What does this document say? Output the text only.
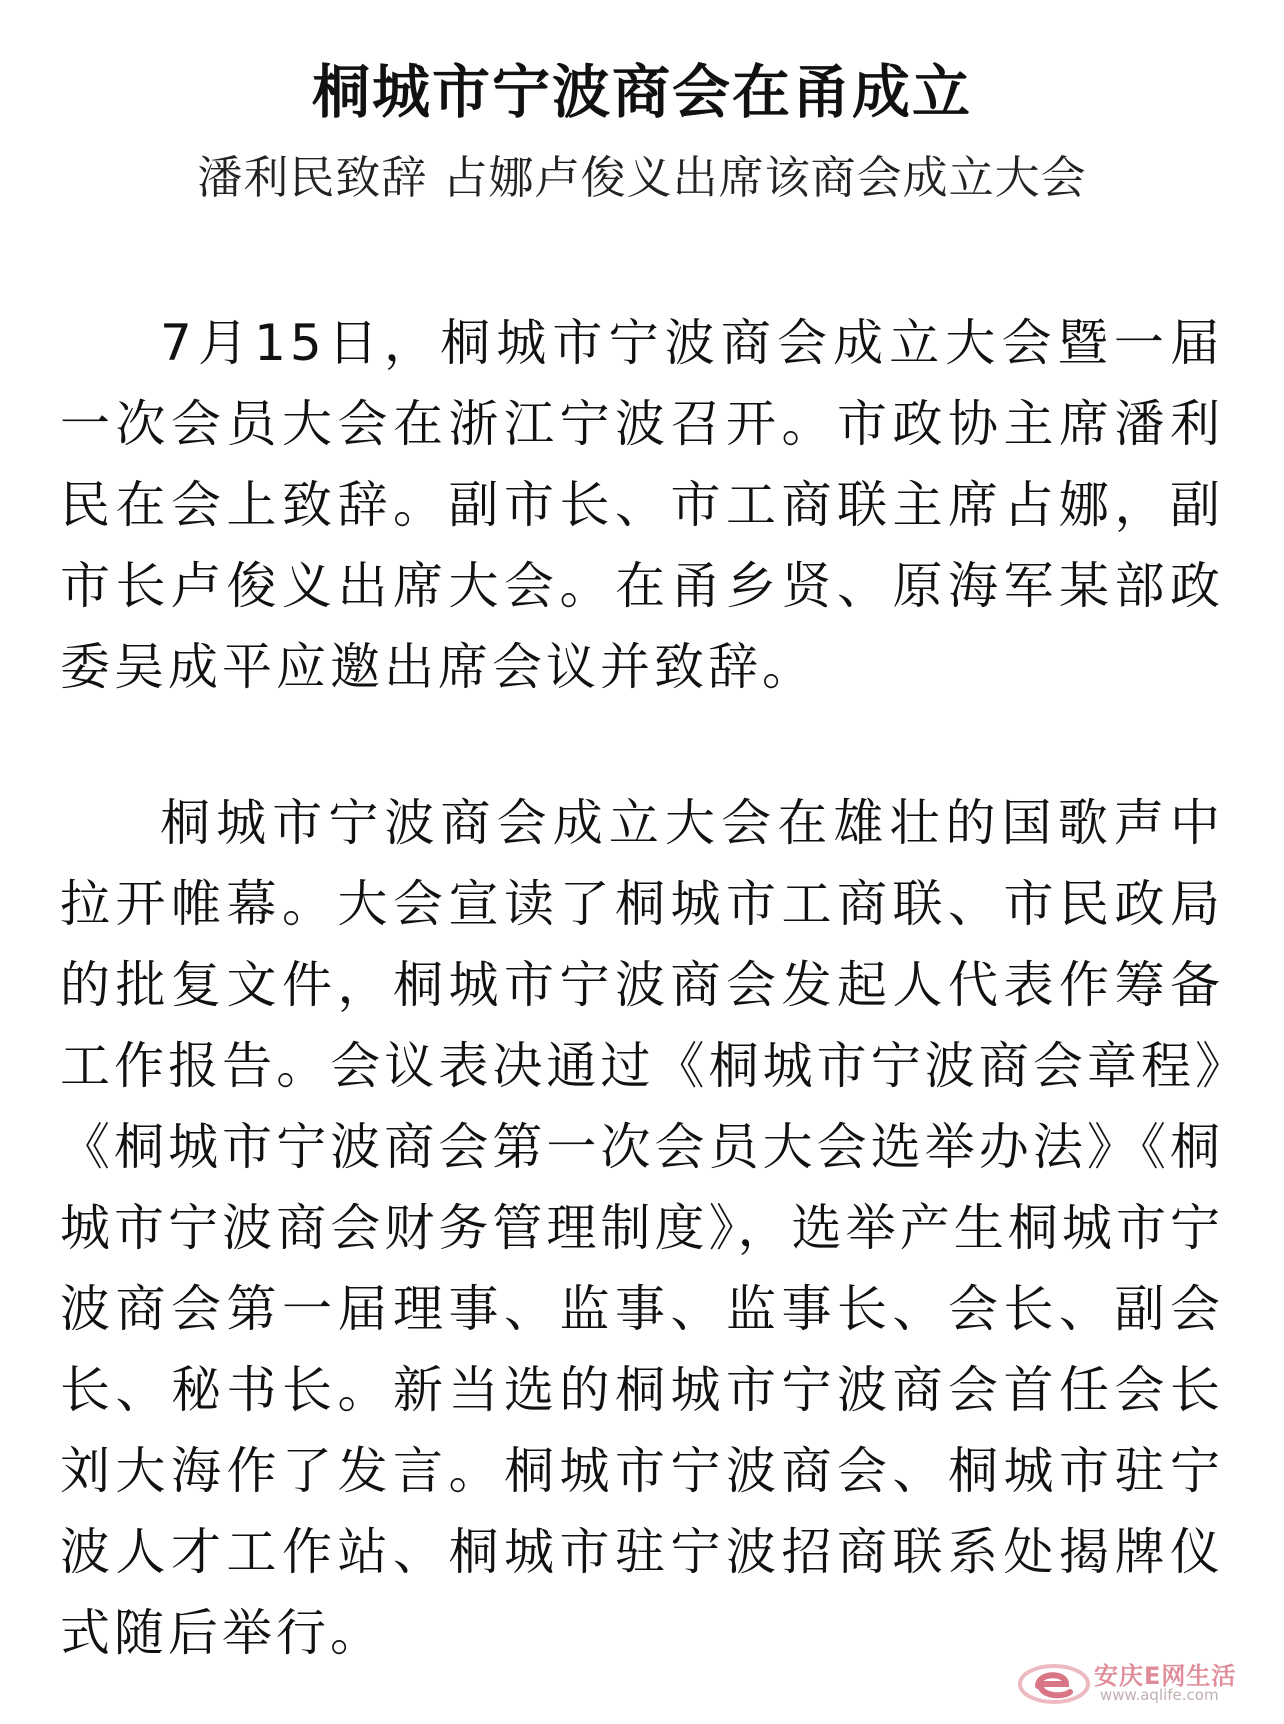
桐城市宁波商会在甬成立
潘利民致辞 占娜卢俊义出席该商会成立大会

7月15日，桐城市宁波商会成立大会暨一届一次会员大会在浙江宁波召开。市政协主席潘利民在会上致辞。副市长、市工商联主席占娜，副市长卢俊义出席大会。在甬乡贤、原海军某部政委吴成平应邀出席会议并致辞。

桐城市宁波商会成立大会在雄壮的国歌声中拉开帷幕。大会宣读了桐城市工商联、市民政局的批复文件，桐城市宁波商会发起人代表作筹备工作报告。会议表决通过《桐城市宁波商会章程》《桐城市宁波商会第一次会员大会选举办法》《桐城市宁波商会财务管理制度》，选举产生桐城市宁波商会第一届理事、监事、监事长、会长、副会长、秘书长。新当选的桐城市宁波商会首任会长刘大海作了发言。桐城市宁波商会、桐城市驻宁波人才工作站、桐城市驻宁波招商联系处揭牌仪式随后举行。

安庆E网生活
www.aqlife.com
